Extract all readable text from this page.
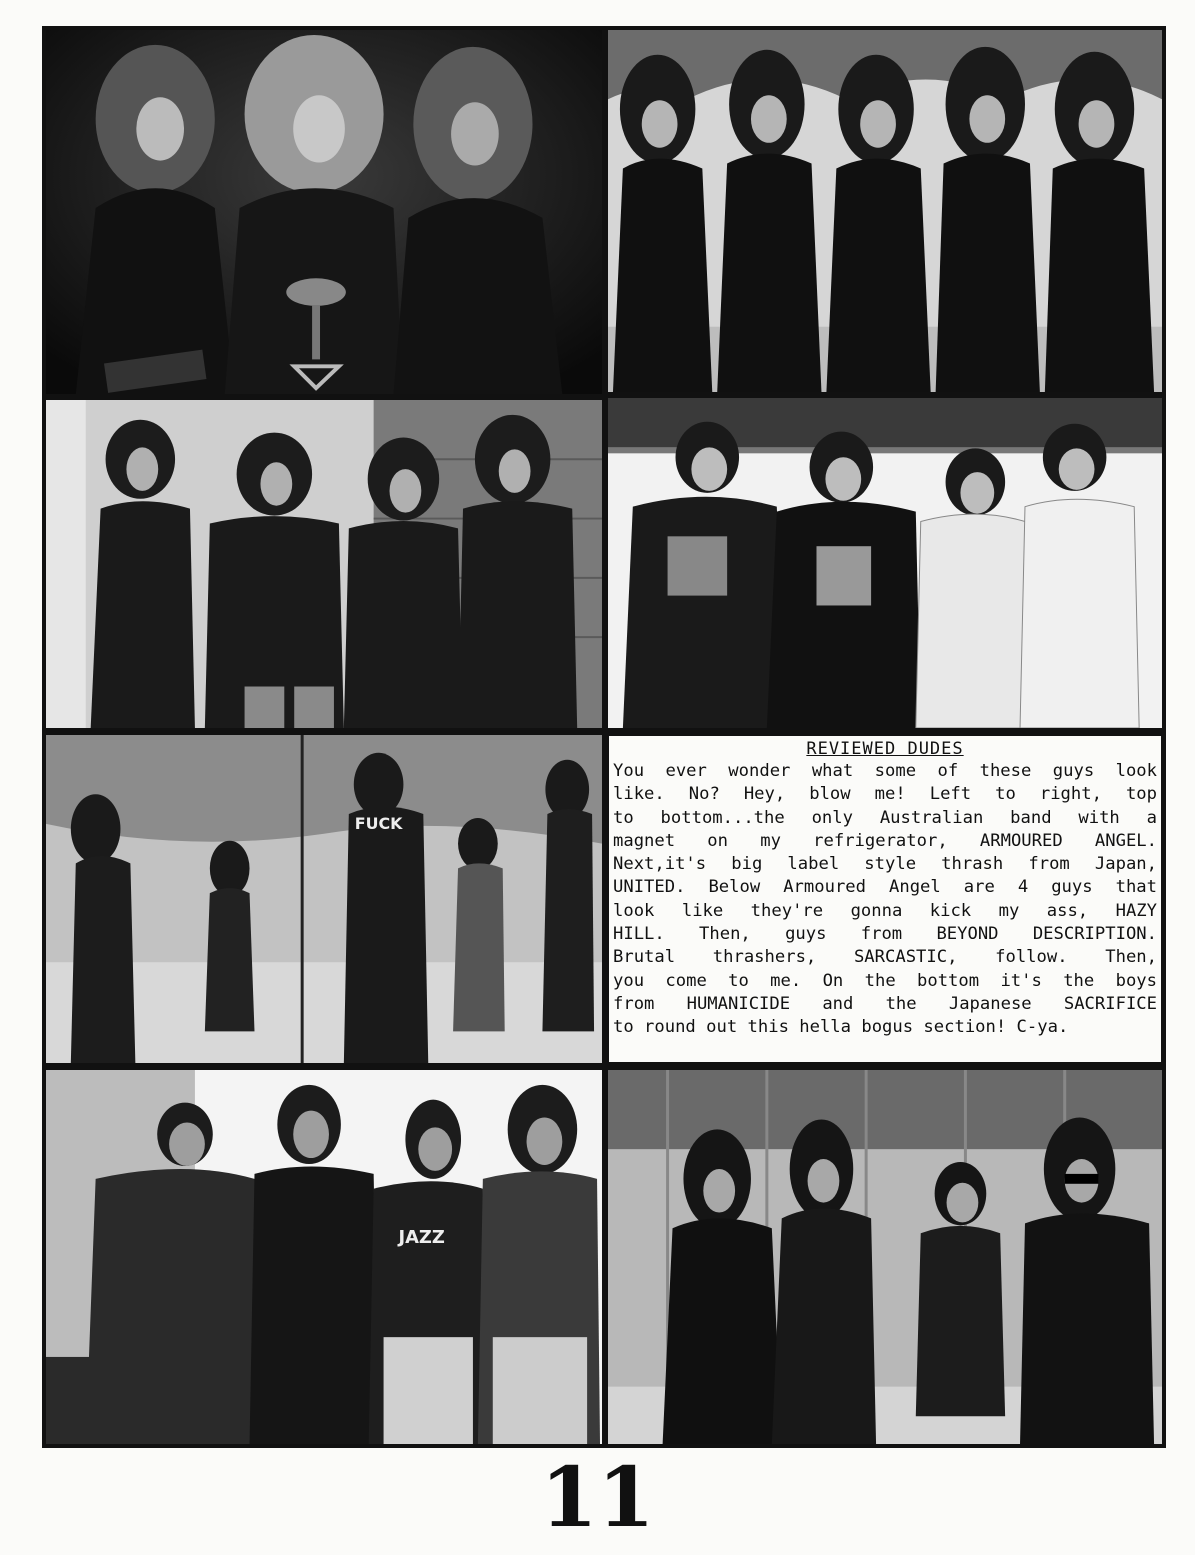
FUCK
REVIEWED DUDES

You ever wonder what some of these guys look
like. No? Hey, blow me! Left to right, top
to bottom...the only Australian band with a
magnet on my refrigerator, ARMOURED ANGEL.
Next,it's big label style thrash from Japan,
UNITED. Below Armoured Angel are 4 guys that
look like they're gonna kick my ass, HAZY
HILL. Then, guys from BEYOND DESCRIPTION.
Brutal thrashers, SARCASTIC, follow. Then,
you come to me. On the bottom it's the boys
from HUMANICIDE and the Japanese SACRIFICE
to round out this hella bogus section! C-ya.

JAZZ
11
